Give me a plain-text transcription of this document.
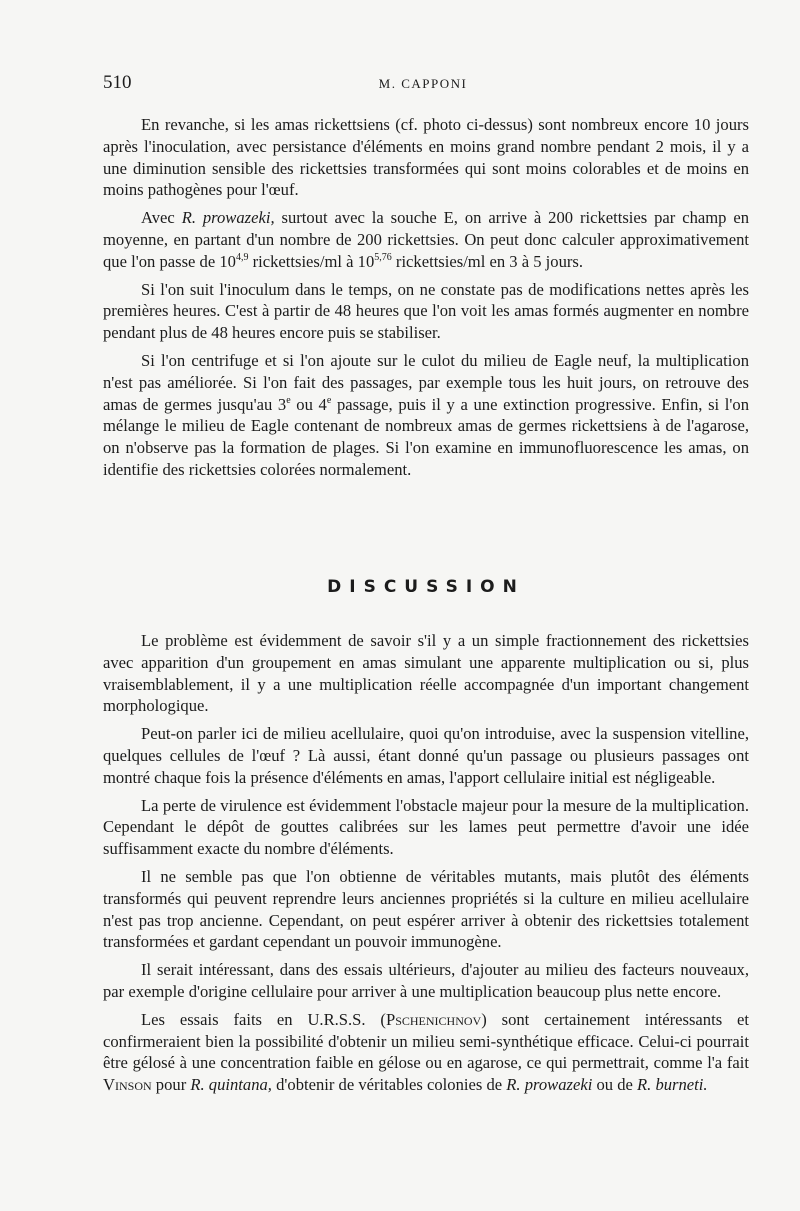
510	M. CAPPONI

En revanche, si les amas rickettsiens (cf. photo ci-dessus) sont nombreux encore 10 jours après l'inoculation, avec persistance d'éléments en moins grand nombre pendant 2 mois, il y a une diminution sensible des rickettsies transformées qui sont moins colorables et de moins en moins pathogènes pour l'œuf.

Avec R. prowazeki, surtout avec la souche E, on arrive à 200 rickettsies par champ en moyenne, en partant d'un nombre de 200 rickettsies. On peut donc calculer approximativement que l'on passe de 10$^{4,9}$ rickettsies/ml à 10$^{5,76}$ rickettsies/ml en 3 à 5 jours.

Si l'on suit l'inoculum dans le temps, on ne constate pas de modifications nettes après les premières heures. C'est à partir de 48 heures que l'on voit les amas formés augmenter en nombre pendant plus de 48 heures encore puis se stabiliser.

Si l'on centrifuge et si l'on ajoute sur le culot du milieu de Eagle neuf, la multiplication n'est pas améliorée. Si l'on fait des passages, par exemple tous les huit jours, on retrouve des amas de germes jusqu'au 3e ou 4e passage, puis il y a une extinction progressive. Enfin, si l'on mélange le milieu de Eagle contenant de nombreux amas de germes rickettsiens à de l'agarose, on n'observe pas la formation de plages. Si l'on examine en immunofluorescence les amas, on identifie des rickettsies colorées normalement.

DISCUSSION

Le problème est évidemment de savoir s'il y a un simple fractionnement des rickettsies avec apparition d'un groupement en amas simulant une apparente multiplication ou si, plus vraisemblablement, il y a une multiplication réelle accompagnée d'un important changement morphologique.

Peut-on parler ici de milieu acellulaire, quoi qu'on introduise, avec la suspension vitelline, quelques cellules de l'œuf ? Là aussi, étant donné qu'un passage ou plusieurs passages ont montré chaque fois la présence d'éléments en amas, l'apport cellulaire initial est négligeable.

La perte de virulence est évidemment l'obstacle majeur pour la mesure de la multiplication. Cependant le dépôt de gouttes calibrées sur les lames peut permettre d'avoir une idée suffisamment exacte du nombre d'éléments.

Il ne semble pas que l'on obtienne de véritables mutants, mais plutôt des éléments transformés qui peuvent reprendre leurs anciennes propriétés si la culture en milieu acellulaire n'est pas trop ancienne. Cependant, on peut espérer arriver à obtenir des rickettsies totalement transformées et gardant cependant un pouvoir immunogène.

Il serait intéressant, dans des essais ultérieurs, d'ajouter au milieu des facteurs nouveaux, par exemple d'origine cellulaire pour arriver à une multiplication beaucoup plus nette encore.

Les essais faits en U.R.S.S. (Pschenichnov) sont certainement intéressants et confirmeraient bien la possibilité d'obtenir un milieu semi-synthétique efficace. Celui-ci pourrait être gélosé à une concentration faible en gélose ou en agarose, ce qui permettrait, comme l'a fait Vinson pour R. quintana, d'obtenir de véritables colonies de R. prowazeki ou de R. burneti.
